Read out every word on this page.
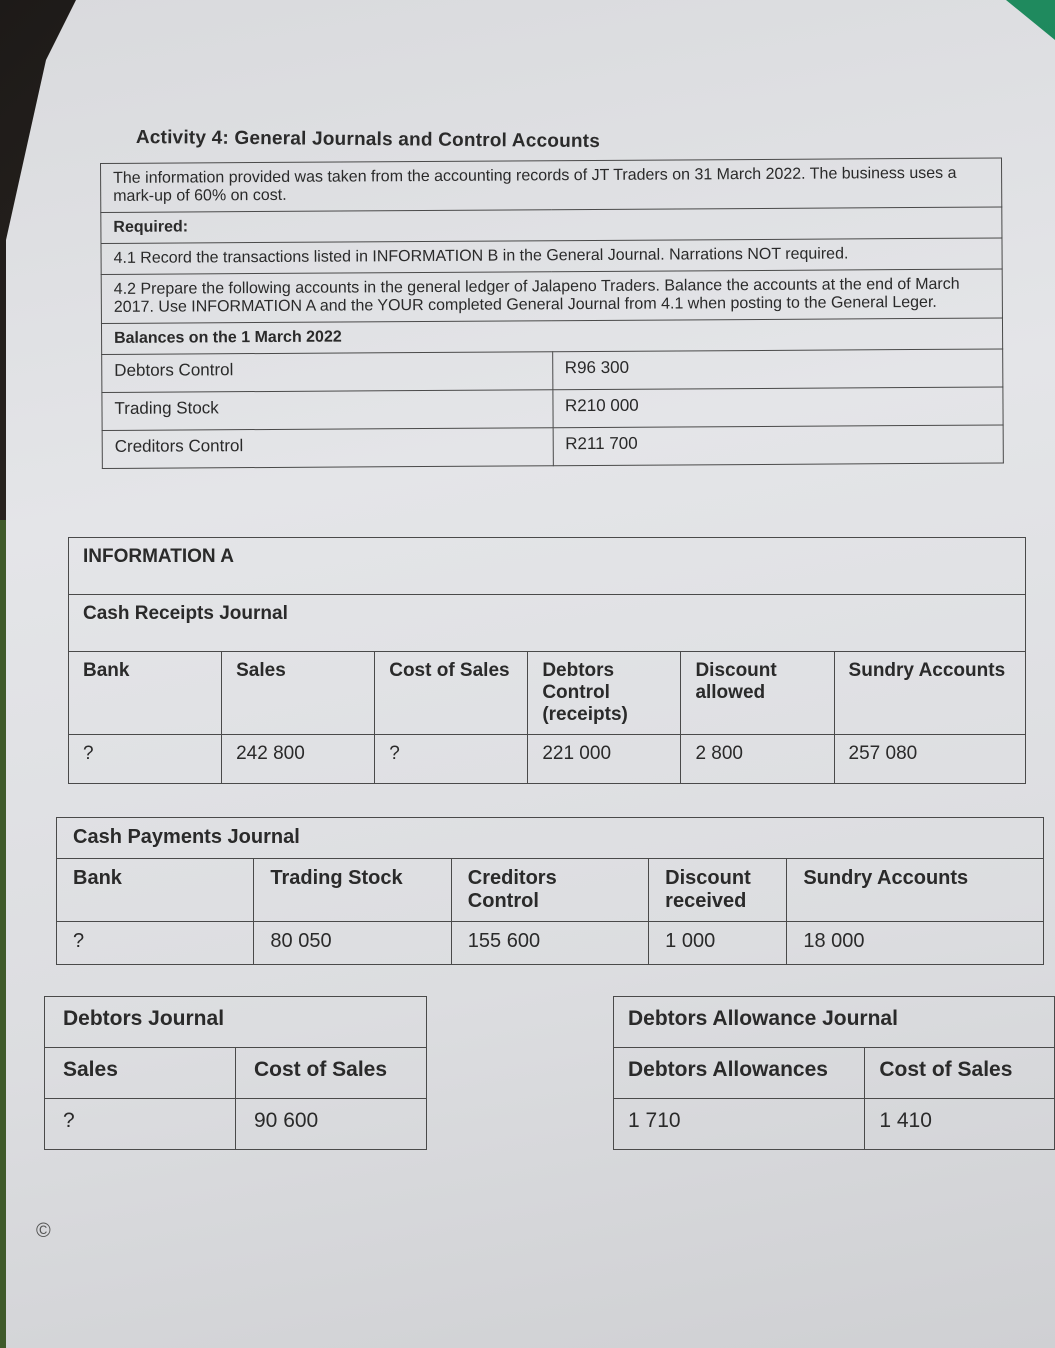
Activity 4: General Journals and Control Accounts
The information provided was taken from the accounting records of JT Traders on 31 March 2022. The business uses a mark-up of 60% on cost.	
Required:	
4.1 Record the transactions listed in INFORMATION B in the General Journal. Narrations NOT required.	
4.2 Prepare the following accounts in the general ledger of Jalapeno Traders. Balance the accounts at the end of March 2017. Use INFORMATION A and the YOUR completed General Journal from 4.1 when posting to the General Leger.	
Balances on the 1 March 2022	
Debtors Control	R96 300
Trading Stock	R210 000
Creditors Control	R211 700
INFORMATION A					
Cash Receipts Journal					
Bank	Sales	Cost of Sales	Debtors Control (receipts)	Discount allowed	Sundry Accounts
?	242 800	?	221 000	2 800	257 080
Cash Payments Journal				
Bank	Trading Stock	Creditors Control	Discount received	Sundry Accounts
?	80 050	155 600	1 000	18 000
Debtors Journal	
Sales	Cost of Sales
?	90 600
Debtors Allowance Journal	
Debtors Allowances	Cost of Sales
1 710	1 410
©
